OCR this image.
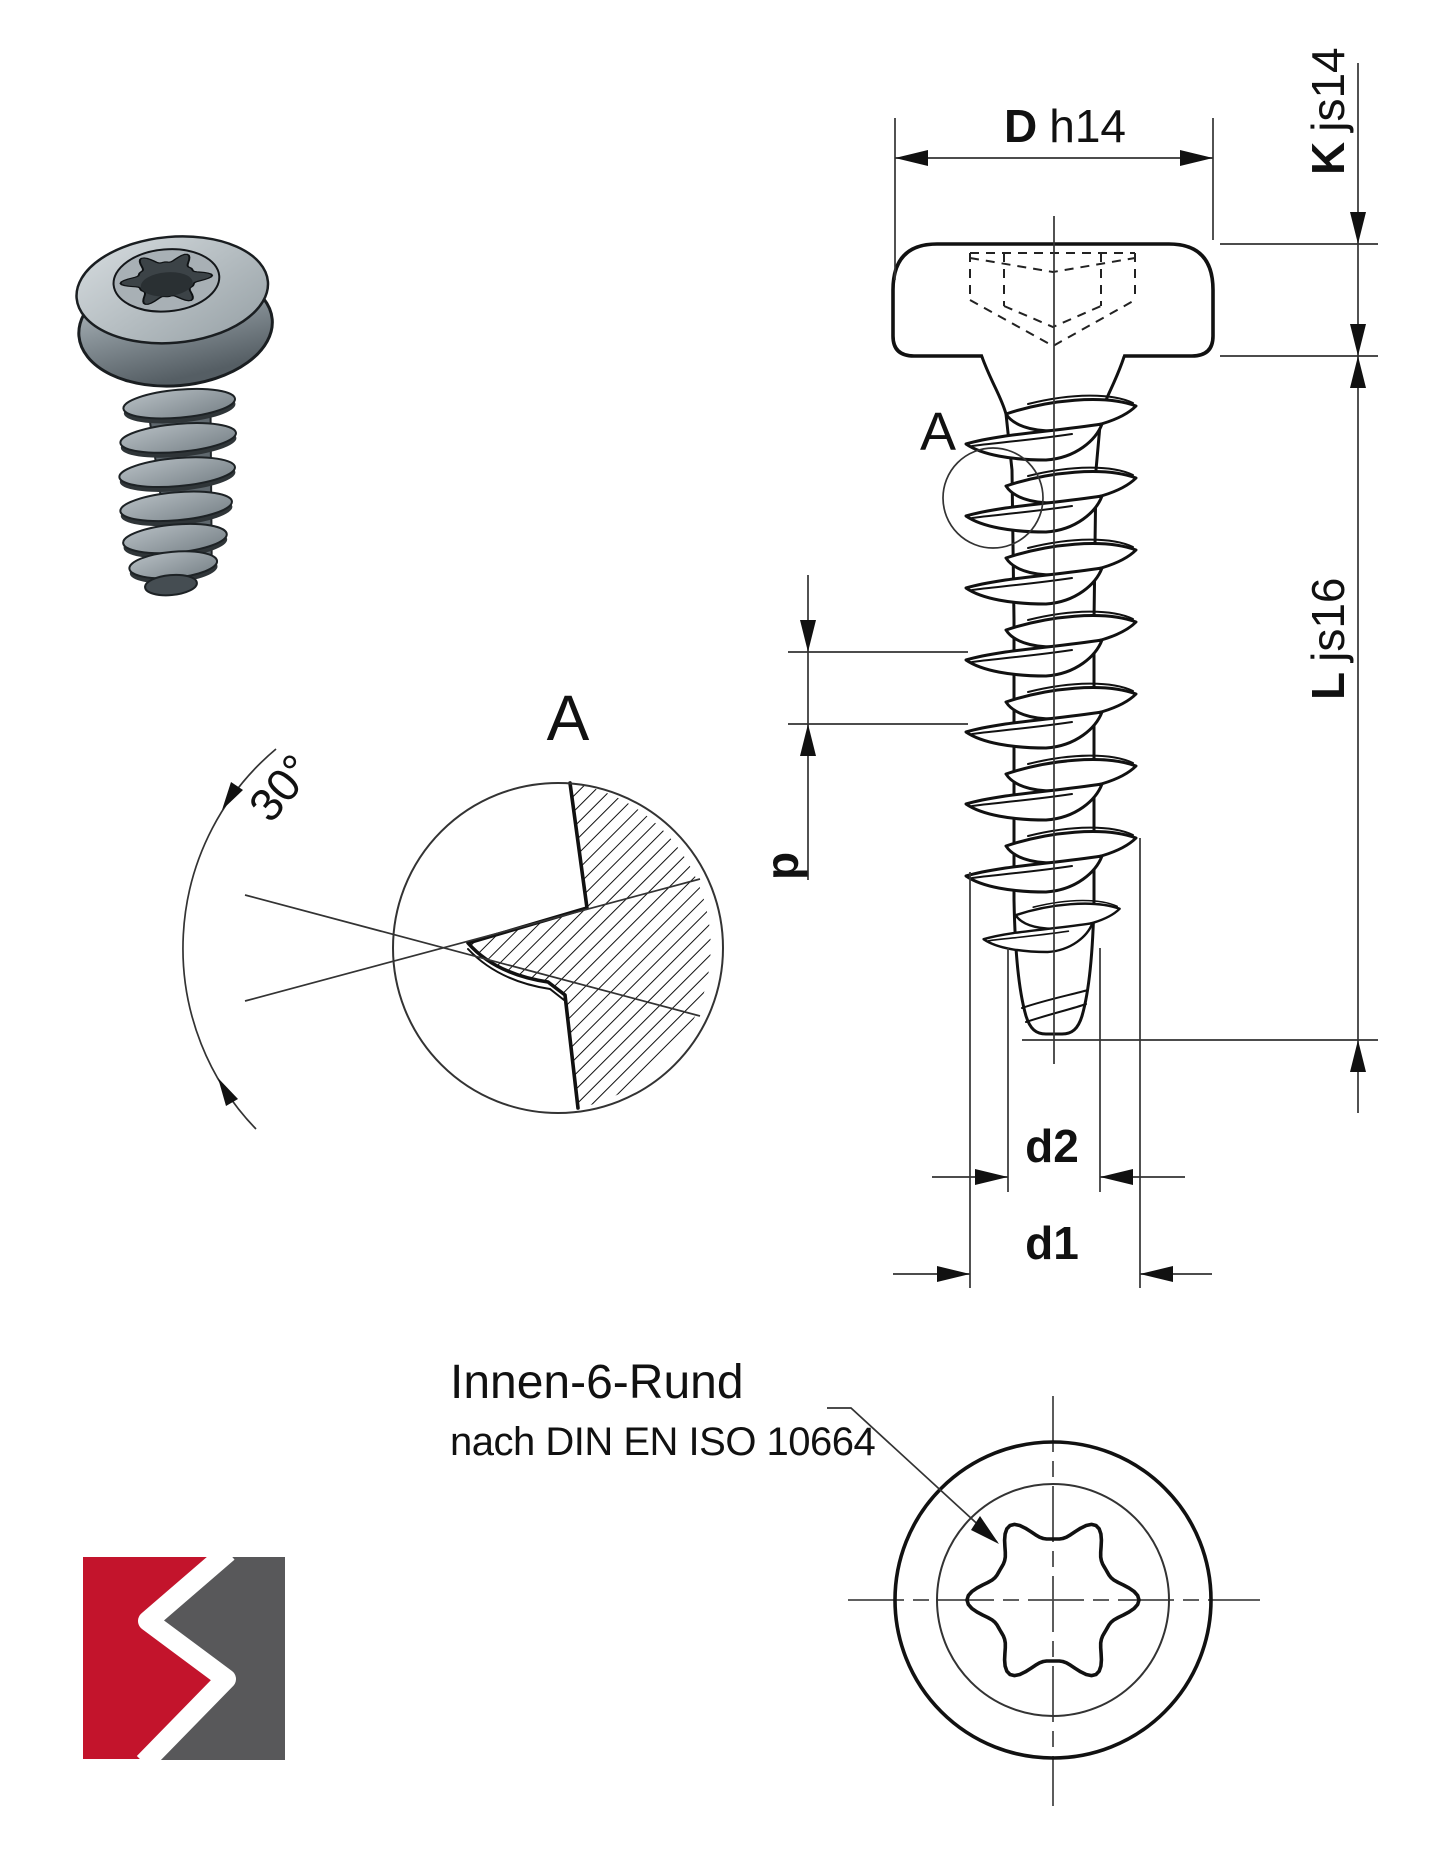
A
D h14
Kjs14
Ljs16
p
d2
d1
30°
A
Innen-6-Rund
nach DIN EN ISO 10664
